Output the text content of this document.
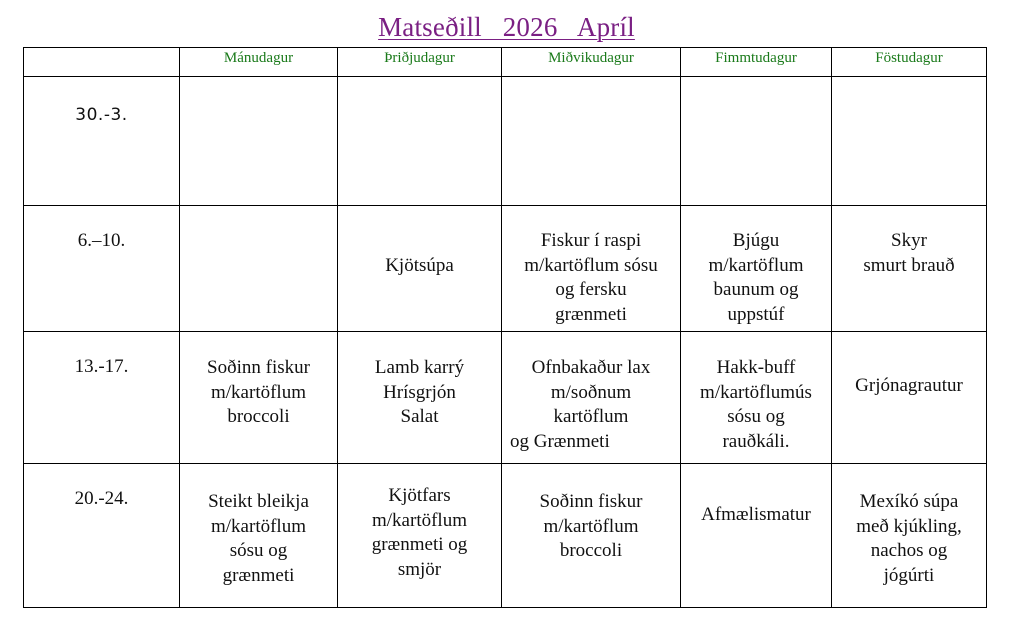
Matseðill   2026   Apríl
	Mánudagur	Þriðjudagur	Miðvikudagur	Fimmtudagur	Föstudagur

30.-3.					

6.–10.		Kjötsúpa	Fiskur í raspi
m/kartöflum sósu
og fersku
grænmeti	Bjúgu
m/kartöflum
baunum og
uppstúf	Skyr
smurt brauð

13.-17.	Soðinn fiskur
m/kartöflum
broccoli	Lamb karrý
Hrísgrjón
Salat	Ofnbakaður lax
m/soðnum
kartöflum
og Grænmeti	Hakk-buff
m/kartöflumús
sósu og
rauðkáli.	Grjónagrautur

20.-24.	Steikt bleikja
m/kartöflum
sósu og
grænmeti	Kjötfars
m/kartöflum
grænmeti og
smjör	Soðinn fiskur
m/kartöflum
broccoli	Afmælismatur	Mexíkó súpa
með kjúkling,
nachos og
jógúrti
